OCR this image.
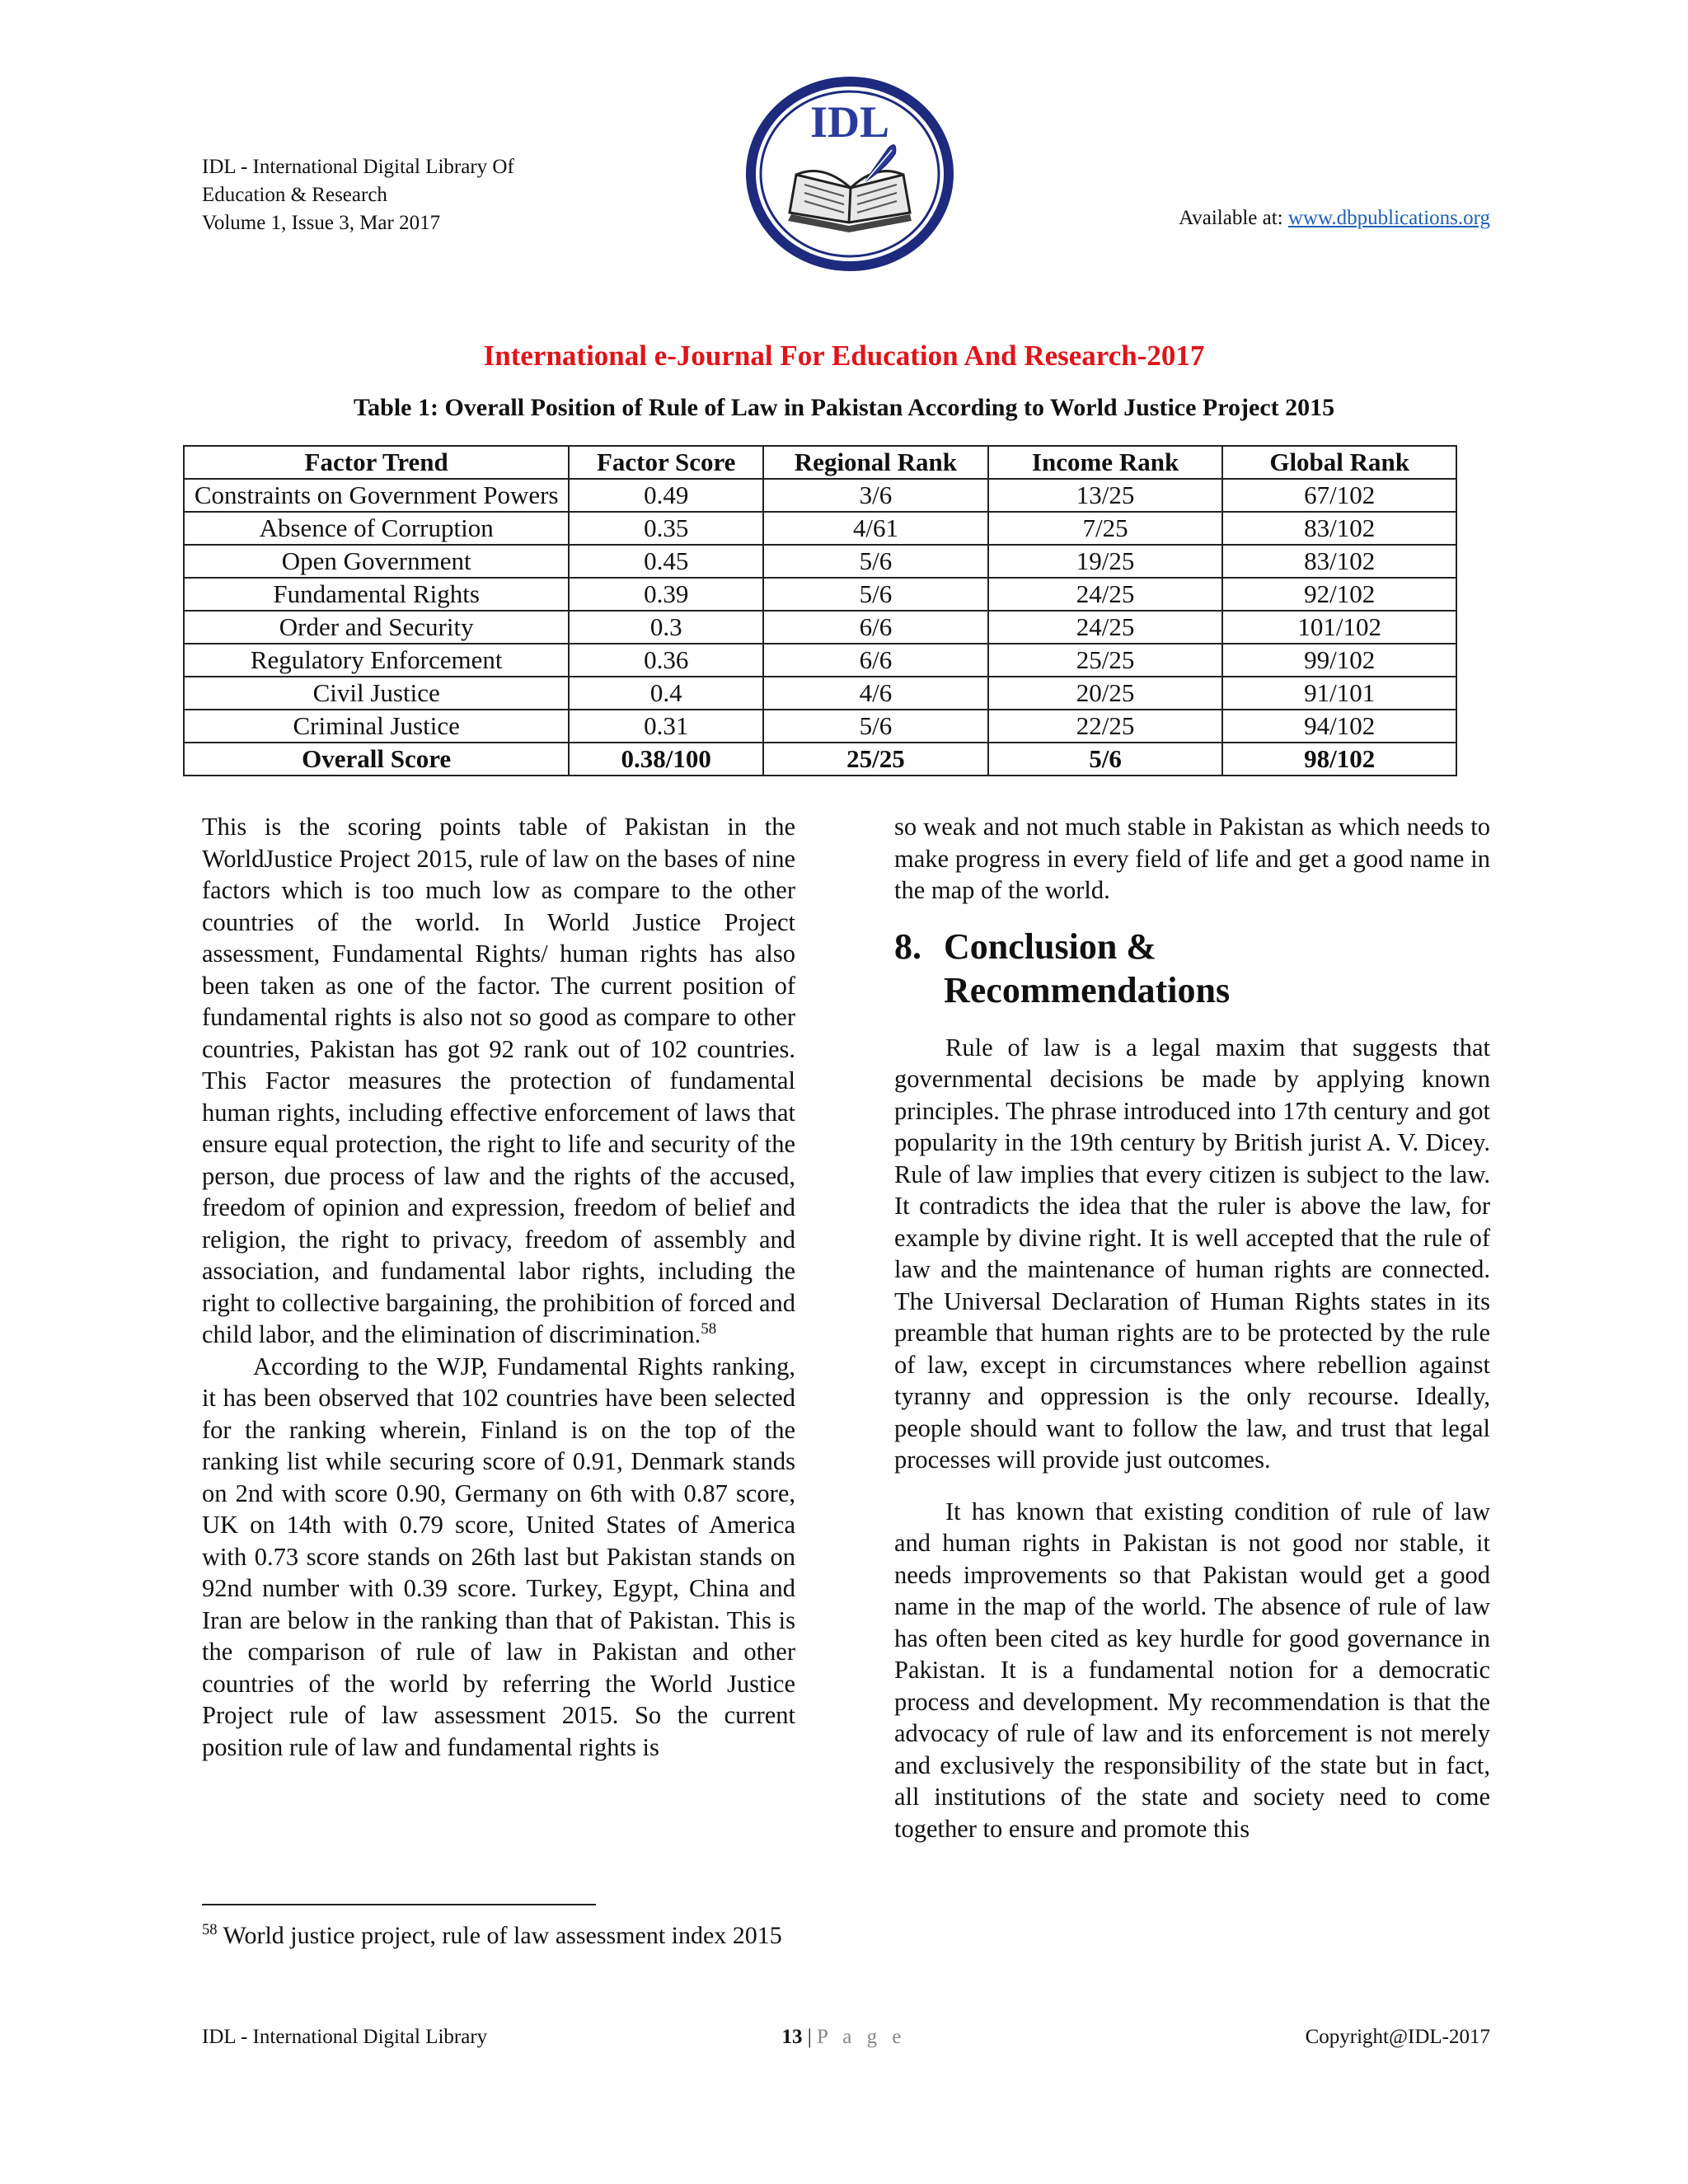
IDL - International Digital Library Of
Education & Research
Volume 1, Issue 3, Mar 2017
IDL
Available at: www.dbpublications.org
International e-Journal For Education And Research-2017
Table 1: Overall Position of Rule of Law in Pakistan According to World Justice Project 2015
Factor Trend	Factor Score	Regional Rank	Income Rank	Global Rank
Constraints on Government Powers	0.49	3/6	13/25	67/102
Absence of Corruption	0.35	4/61	7/25	83/102
Open Government	0.45	5/6	19/25	83/102
Fundamental Rights	0.39	5/6	24/25	92/102
Order and Security	0.3	6/6	24/25	101/102
Regulatory Enforcement	0.36	6/6	25/25	99/102
Civil Justice	0.4	4/6	20/25	91/101
Criminal Justice	0.31	5/6	22/25	94/102
Overall Score	0.38/100	25/25	5/6	98/102

This is the scoring points table of Pakistan in the WorldJustice Project 2015, rule of law on the bases of nine factors which is too much low as compare to the other countries of the world. In World Justice Project assessment, Fundamental Rights/ human rights has also been taken as one of the factor. The current position of fundamental rights is also not so good as compare to other countries, Pakistan has got 92 rank out of 102 countries. This Factor measures the protection of fundamental human rights, including effective enforcement of laws that ensure equal protection, the right to life and security of the person, due process of law and the rights of the accused, freedom of opinion and expression, freedom of belief and religion, the right to privacy, freedom of assembly and association, and fundamental labor rights, including the right to collective bargaining, the prohibition of forced and child labor, and the elimination of discrimination.$^{58}$

According to the WJP, Fundamental Rights ranking, it has been observed that 102 countries have been selected for the ranking wherein, Finland is on the top of the ranking list while securing score of 0.91, Denmark stands on 2nd with score 0.90, Germany on 6th with 0.87 score, UK on 14th with 0.79 score, United States of America with 0.73 score stands on 26th last but Pakistan stands on 92nd number with 0.39 score. Turkey, Egypt, China and Iran are below in the ranking than that of Pakistan. This is the comparison of rule of law in Pakistan and other countries of the world by referring the World Justice Project rule of law assessment 2015. So the current position rule of law and fundamental rights is

$^{58}$ World justice project, rule of law assessment index 2015

so weak and not much stable in Pakistan as which needs to make progress in every field of life and get a good name in the map of the world.

8. Conclusion &
Recommendations

Rule of law is a legal maxim that suggests that governmental decisions be made by applying known principles. The phrase introduced into 17th century and got popularity in the 19th century by British jurist A. V. Dicey. Rule of law implies that every citizen is subject to the law. It contradicts the idea that the ruler is above the law, for example by divine right. It is well accepted that the rule of law and the maintenance of human rights are connected. The Universal Declaration of Human Rights states in its preamble that human rights are to be protected by the rule of law, except in circumstances where rebellion against tyranny and oppression is the only recourse. Ideally, people should want to follow the law, and trust that legal processes will provide just outcomes.

It has known that existing condition of rule of law and human rights in Pakistan is not good nor stable, it needs improvements so that Pakistan would get a good name in the map of the world. The absence of rule of law has often been cited as key hurdle for good governance in Pakistan. It is a fundamental notion for a democratic process and development. My recommendation is that the advocacy of rule of law and its enforcement is not merely and exclusively the responsibility of the state but in fact, all institutions of the state and society need to come together to ensure and promote this

IDL - International Digital Library	13 | P a g e	Copyright@IDL-2017
